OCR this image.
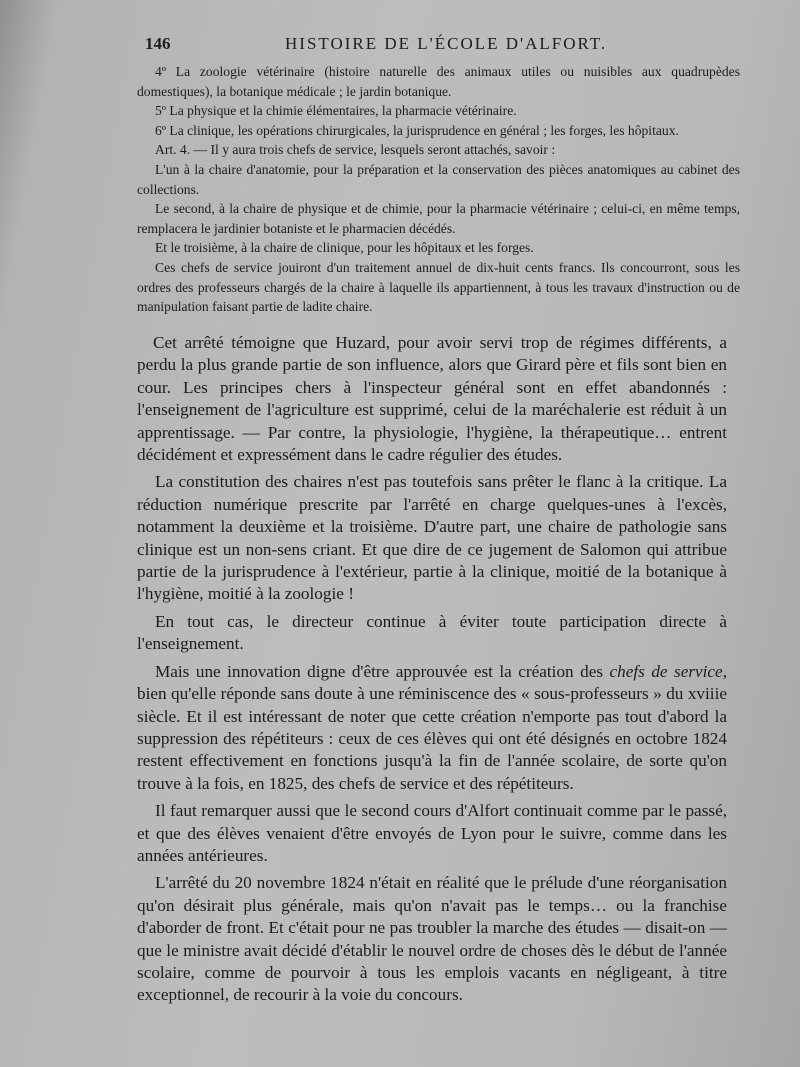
146	HISTOIRE DE L'ÉCOLE D'ALFORT.

4º La zoologie vétérinaire (histoire naturelle des animaux utiles ou nuisibles aux quadrupèdes domestiques), la botanique médicale ; le jardin botanique.

5º La physique et la chimie élémentaires, la pharmacie vétérinaire.

6º La clinique, les opérations chirurgicales, la jurisprudence en général ; les forges, les hôpitaux.

Art. 4. — Il y aura trois chefs de service, lesquels seront attachés, savoir :

L'un à la chaire d'anatomie, pour la préparation et la conservation des pièces anatomiques au cabinet des collections.

Le second, à la chaire de physique et de chimie, pour la pharmacie vétérinaire ; celui-ci, en même temps, remplacera le jardinier botaniste et le pharmacien décédés.

Et le troisième, à la chaire de clinique, pour les hôpitaux et les forges.

Ces chefs de service jouiront d'un traitement annuel de dix-huit cents francs. Ils concourront, sous les ordres des professeurs chargés de la chaire à laquelle ils appartiennent, à tous les travaux d'instruction ou de manipulation faisant partie de ladite chaire.

Cet arrêté témoigne que Huzard, pour avoir servi trop de régimes différents, a perdu la plus grande partie de son influence, alors que Girard père et fils sont bien en cour. Les principes chers à l'inspecteur général sont en effet abandonnés : l'enseignement de l'agriculture est supprimé, celui de la maréchalerie est réduit à un apprentissage. — Par contre, la physiologie, l'hygiène, la thérapeutique… entrent décidément et expressément dans le cadre régulier des études.

La constitution des chaires n'est pas toutefois sans prêter le flanc à la critique. La réduction numérique prescrite par l'arrêté en charge quelques-unes à l'excès, notamment la deuxième et la troisième. D'autre part, une chaire de pathologie sans clinique est un non-sens criant. Et que dire de ce jugement de Salomon qui attribue partie de la jurisprudence à l'extérieur, partie à la clinique, moitié de la botanique à l'hygiène, moitié à la zoologie !

En tout cas, le directeur continue à éviter toute participation directe à l'enseignement.

Mais une innovation digne d'être approuvée est la création des chefs de service, bien qu'elle réponde sans doute à une réminiscence des « sous-professeurs » du xviiie siècle. Et il est intéressant de noter que cette création n'emporte pas tout d'abord la suppression des répétiteurs : ceux de ces élèves qui ont été désignés en octobre 1824 restent effectivement en fonctions jusqu'à la fin de l'année scolaire, de sorte qu'on trouve à la fois, en 1825, des chefs de service et des répétiteurs.

Il faut remarquer aussi que le second cours d'Alfort continuait comme par le passé, et que des élèves venaient d'être envoyés de Lyon pour le suivre, comme dans les années antérieures.

L'arrêté du 20 novembre 1824 n'était en réalité que le prélude d'une réorganisation qu'on désirait plus générale, mais qu'on n'avait pas le temps… ou la franchise d'aborder de front. Et c'était pour ne pas troubler la marche des études — disait-on — que le ministre avait décidé d'établir le nouvel ordre de choses dès le début de l'année scolaire, comme de pourvoir à tous les emplois vacants en négligeant, à titre exceptionnel, de recourir à la voie du concours.
